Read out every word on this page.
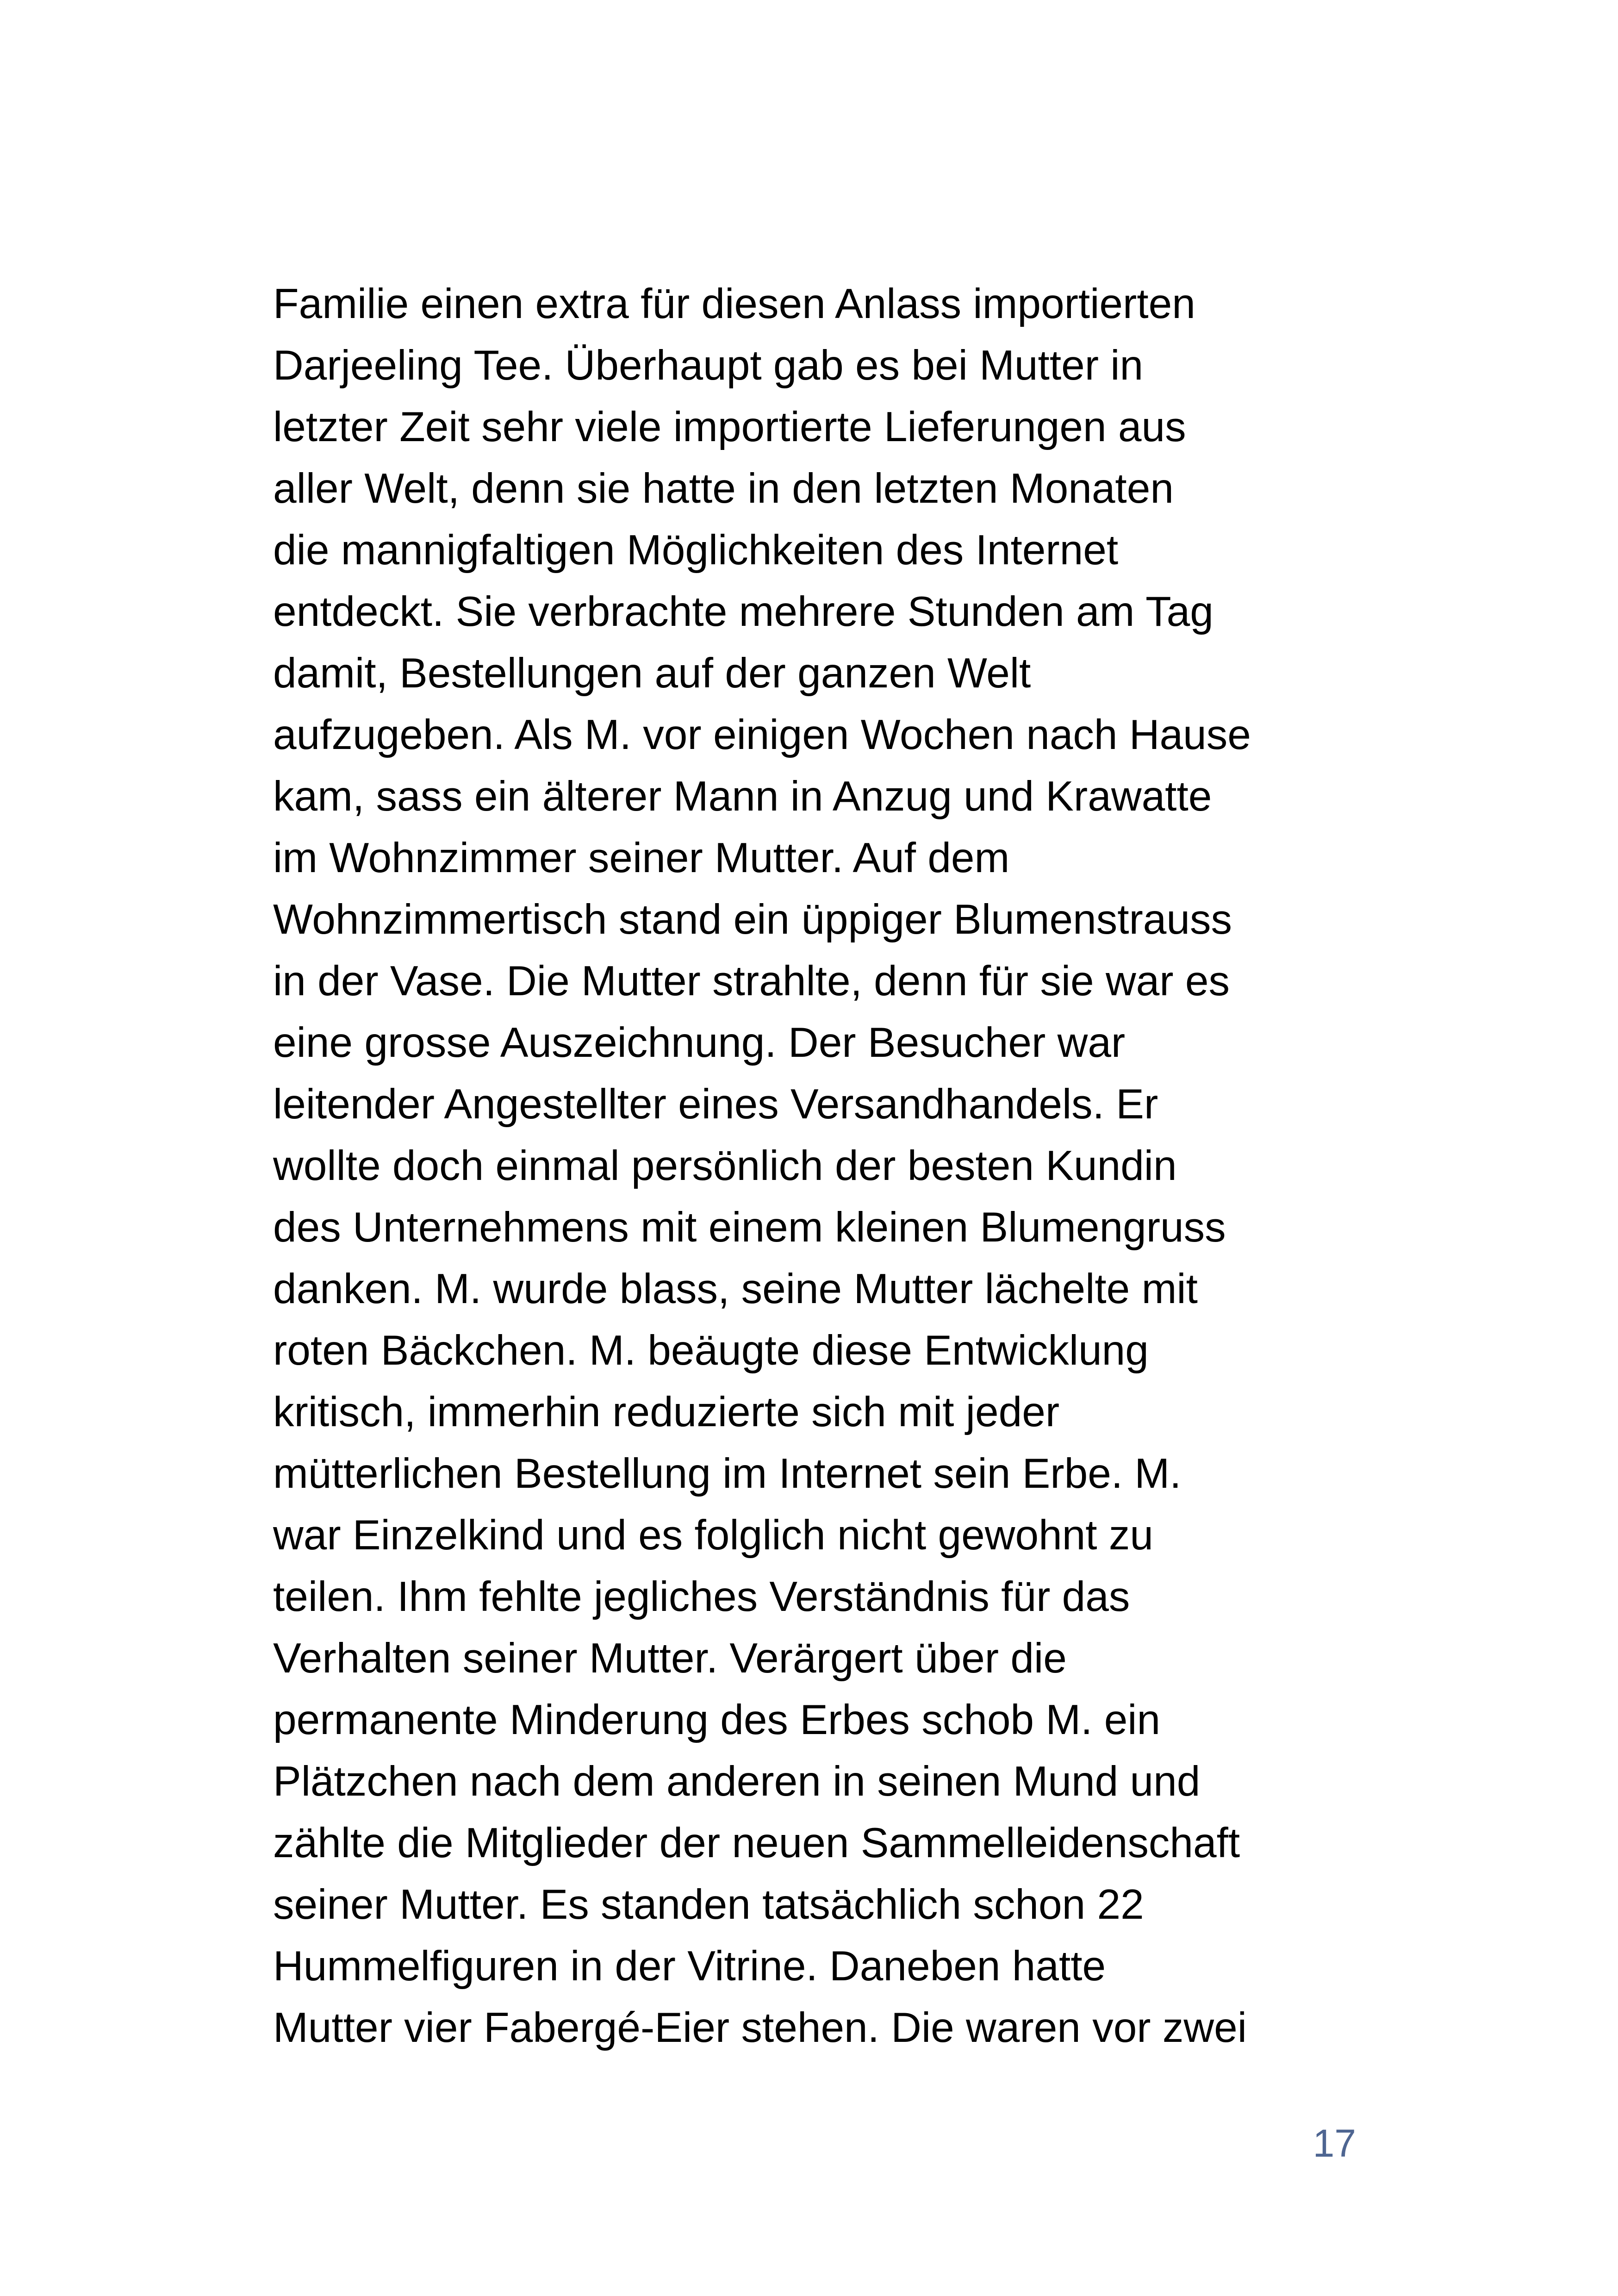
Familie einen extra für diesen Anlass importierten
Darjeeling Tee. Überhaupt gab es bei Mutter in
letzter Zeit sehr viele importierte Lieferungen aus
aller Welt, denn sie hatte in den letzten Monaten
die mannigfaltigen Möglichkeiten des Internet
entdeckt. Sie verbrachte mehrere Stunden am Tag
damit, Bestellungen auf der ganzen Welt
aufzugeben. Als M. vor einigen Wochen nach Hause
kam, sass ein älterer Mann in Anzug und Krawatte
im Wohnzimmer seiner Mutter. Auf dem
Wohnzimmertisch stand ein üppiger Blumenstrauss
in der Vase. Die Mutter strahlte, denn für sie war es
eine grosse Auszeichnung. Der Besucher war
leitender Angestellter eines Versandhandels. Er
wollte doch einmal persönlich der besten Kundin
des Unternehmens mit einem kleinen Blumengruss
danken. M. wurde blass, seine Mutter lächelte mit
roten Bäckchen. M. beäugte diese Entwicklung
kritisch, immerhin reduzierte sich mit jeder
mütterlichen Bestellung im Internet sein Erbe. M.
war Einzelkind und es folglich nicht gewohnt zu
teilen. Ihm fehlte jegliches Verständnis für das
Verhalten seiner Mutter. Verärgert über die
permanente Minderung des Erbes schob M. ein
Plätzchen nach dem anderen in seinen Mund und
zählte die Mitglieder der neuen Sammelleidenschaft
seiner Mutter. Es standen tatsächlich schon 22
Hummelfiguren in der Vitrine. Daneben hatte
Mutter vier Fabergé-Eier stehen. Die waren vor zwei
17
